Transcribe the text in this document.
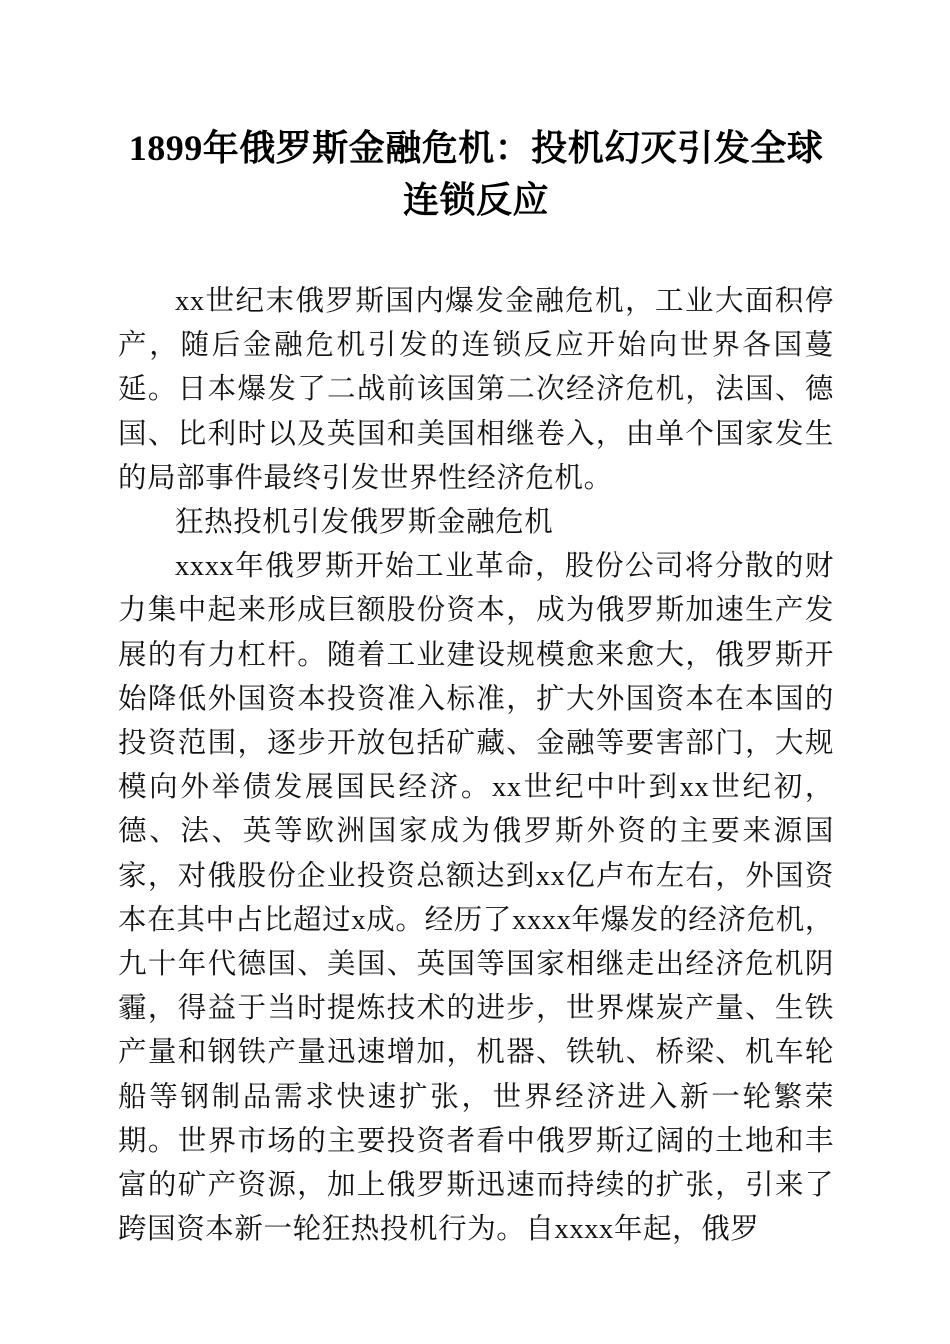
1899年俄罗斯金融危机：投机幻灭引发全球连锁反应

xx世纪末俄罗斯国内爆发金融危机，工业大面积停产，随后金融危机引发的连锁反应开始向世界各国蔓延。日本爆发了二战前该国第二次经济危机，法国、德国、比利时以及英国和美国相继卷入，由单个国家发生的局部事件最终引发世界性经济危机。

狂热投机引发俄罗斯金融危机

xxxx年俄罗斯开始工业革命，股份公司将分散的财力集中起来形成巨额股份资本，成为俄罗斯加速生产发展的有力杠杆。随着工业建设规模愈来愈大，俄罗斯开始降低外国资本投资准入标准，扩大外国资本在本国的投资范围，逐步开放包括矿藏、金融等要害部门，大规模向外举债发展国民经济。xx世纪中叶到xx世纪初，德、法、英等欧洲国家成为俄罗斯外资的主要来源国家，对俄股份企业投资总额达到xx亿卢布左右，外国资本在其中占比超过x成。经历了xxxx年爆发的经济危机，九十年代德国、美国、英国等国家相继走出经济危机阴霾，得益于当时提炼技术的进步，世界煤炭产量、生铁产量和钢铁产量迅速增加，机器、铁轨、桥梁、机车轮船等钢制品需求快速扩张，世界经济进入新一轮繁荣期。世界市场的主要投资者看中俄罗斯辽阔的土地和丰富的矿产资源，加上俄罗斯迅速而持续的扩张，引来了跨国资本新一轮狂热投机行为。自xxxx年起，俄罗
